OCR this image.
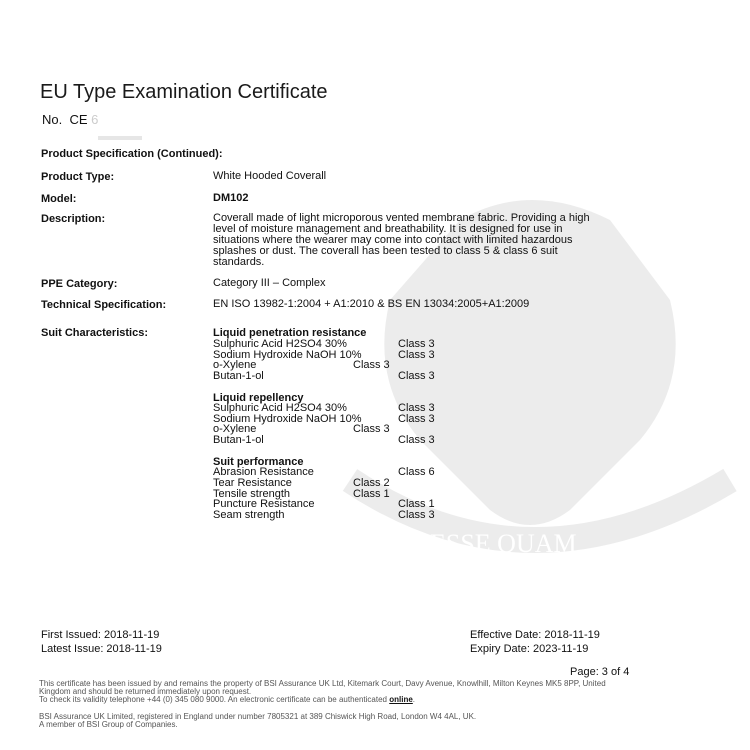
ESSE QUAM
EU Type Examination Certificate
No. CE 6
Product Specification (Continued):
Product Type:	White Hooded Coverall
Model:	DM102
Description:	Coverall made of light microporous vented membrane fabric. Providing a high
level of moisture management and breathability. It is designed for use in
situations where the wearer may come into contact with limited hazardous
splashes or dust. The coverall has been tested to class 5 & class 6 suit
standards.
PPE Category:	Category III – Complex
Technical Specification:	EN ISO 13982-1:2004 + A1:2010 & BS EN 13034:2005+A1:2009
Suit Characteristics:	Liquid penetration resistance
Sulphuric Acid H2SO4 30%	Class 3
Sodium Hydroxide NaOH 10%	Class 3
o-Xylene	Class 3
Butan-1-ol	Class 3
Liquid repellency
Sulphuric Acid H2SO4 30%	Class 3
Sodium Hydroxide NaOH 10%	Class 3
o-Xylene	Class 3
Butan-1-ol	Class 3
Suit performance
Abrasion Resistance	Class 6
Tear Resistance	Class 2
Tensile strength	Class 1
Puncture Resistance	Class 1
Seam strength	Class 3
First Issued: 2018-11-19
Latest Issue: 2018-11-19
Effective Date: 2018-11-19
Expiry Date: 2023-11-19
Page: 3 of 4
This certificate has been issued by and remains the property of BSI Assurance UK Ltd, Kitemark Court, Davy Avenue, Knowlhill, Milton Keynes MK5 8PP, United
Kingdom and should be returned immediately upon request.
To check its validity telephone +44 (0) 345 080 9000. An electronic certificate can be authenticated online.
BSI Assurance UK Limited, registered in England under number 7805321 at 389 Chiswick High Road, London W4 4AL, UK.
A member of BSI Group of Companies.
